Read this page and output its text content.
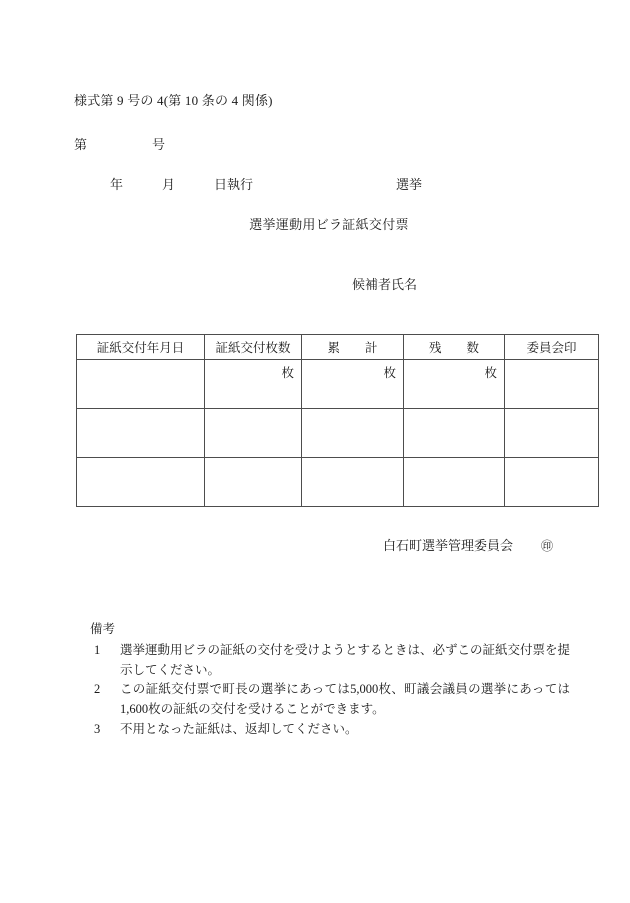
様式第 9 号の 4(第 10 条の 4 関係)
第　　　　　号
年　　　月　　　日執行　　　　　　　　　　　選挙
選挙運動用ビラ証紙交付票
候補者氏名
証紙交付年月日	証紙交付枚数	累　　計	残　　数	委員会印
	枚	枚	枚	

白石町選挙管理委員会 ㊞

備考
1	選挙運動用ビラの証紙の交付を受けようとするときは、必ずこの証紙交付票を提示してください。
2	この証紙交付票で町長の選挙にあっては5,000枚、町議会議員の選挙にあっては1,600枚の証紙の交付を受けることができます。
3	不用となった証紙は、返却してください。
